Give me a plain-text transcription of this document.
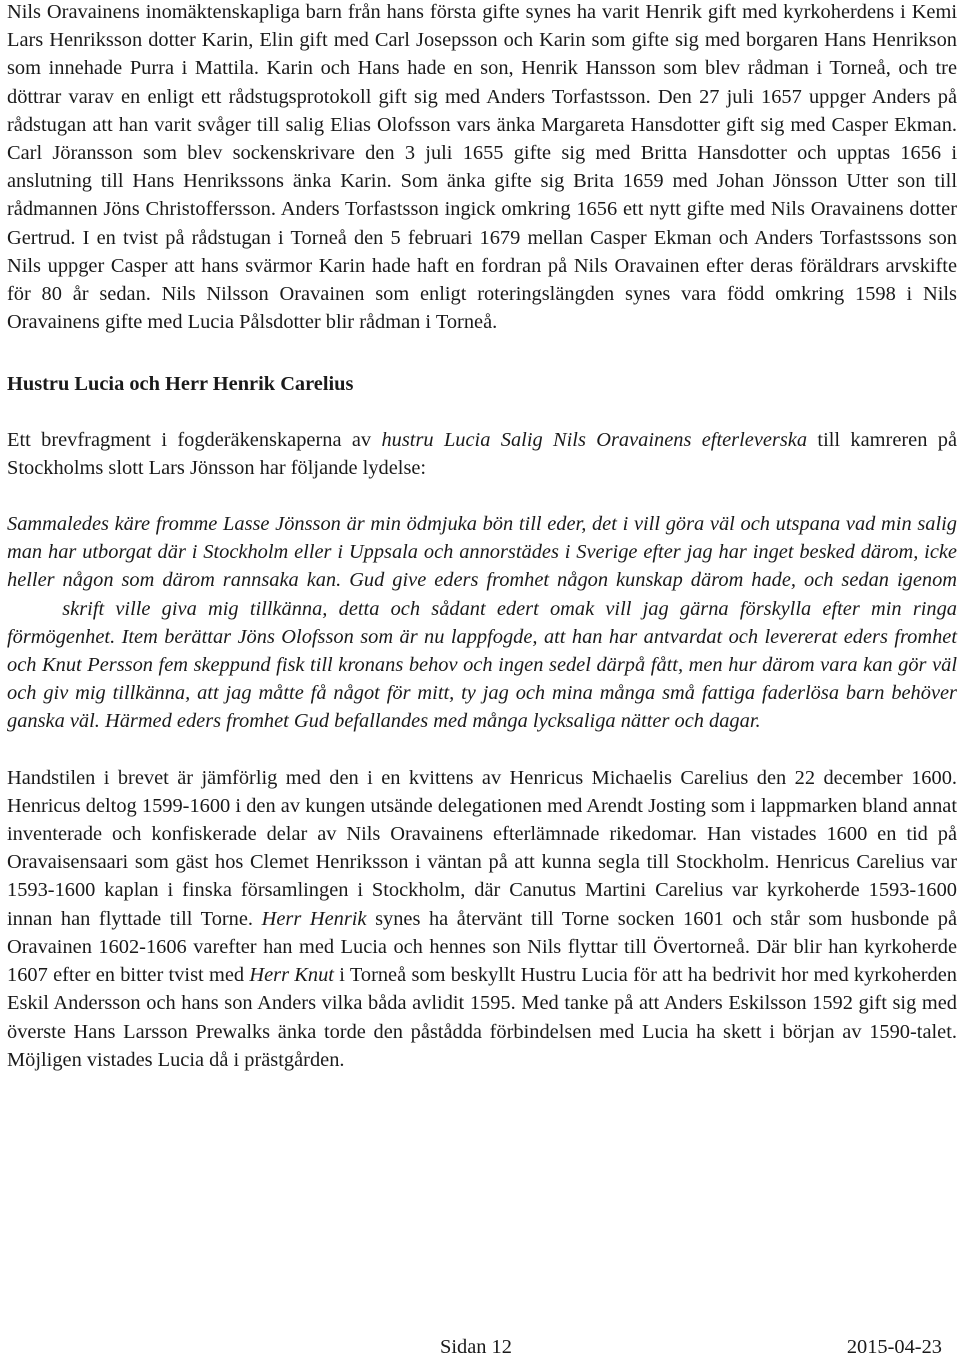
Nils Oravainens inomäktenskapliga barn från hans första gifte synes ha varit Henrik gift med kyrkoherdens i Kemi Lars Henriksson dotter Karin, Elin gift med Carl Josepsson och Karin som gifte sig med borgaren Hans Henrikson som innehade Purra i Mattila. Karin och Hans hade en son, Henrik Hansson som blev rådman i Torneå, och tre döttrar varav en enligt ett rådstugsprotokoll gift sig med Anders Torfastsson. Den 27 juli 1657 uppger Anders på rådstugan att han varit svåger till salig Elias Olofsson vars änka Margareta Hansdotter gift sig med Casper Ekman. Carl Jöransson som blev sockenskrivare den 3 juli 1655 gifte sig med Britta Hansdotter och upptas 1656 i anslutning till Hans Henrikssons änka Karin. Som änka gifte sig Brita 1659 med Johan Jönsson Utter son till rådmannen Jöns Christoffersson. Anders Torfastsson ingick omkring 1656 ett nytt gifte med Nils Oravainens dotter Gertrud. I en tvist på rådstugan i Torneå den 5 februari 1679 mellan Casper Ekman och Anders Torfastssons son Nils uppger Casper att hans svärmor Karin hade haft en fordran på Nils Oravainen efter deras föräldrars arvskifte för 80 år sedan. Nils Nilsson Oravainen som enligt roteringslängden synes vara född omkring 1598 i Nils Oravainens gifte med Lucia Pålsdotter blir rådman i Torneå.

Hustru Lucia och Herr Henrik Carelius

Ett brevfragment i fogderäkenskaperna av hustru Lucia Salig Nils Oravainens efterleverska till kamreren på Stockholms slott Lars Jönsson har följande lydelse:

Sammaledes käre fromme Lasse Jönsson är min ödmjuka bön till eder, det i vill göra väl och utspana vad min salig man har utborgat där i Stockholm eller i Uppsala och annorstädes i Sverige efter jag har inget besked därom, icke heller någon som därom rannsaka kan. Gud give eders fromhet någon kunskap därom hade, och sedan igenom  skrift ville giva mig tillkänna, detta och sådant edert omak vill jag gärna förskylla efter min ringa förmögenhet. Item berättar Jöns Olofsson som är nu lappfogde, att han har antvardat och levererat eders fromhet och Knut Persson fem skeppund fisk till kronans behov och ingen sedel därpå fått, men hur därom vara kan gör väl och giv mig tillkänna, att jag måtte få något för mitt, ty jag och mina många små fattiga faderlösa barn behöver ganska väl. Härmed eders fromhet Gud befallandes med många lycksaliga nätter och dagar.

Handstilen i brevet är jämförlig med den i en kvittens av Henricus Michaelis Carelius den 22 december 1600. Henricus deltog 1599-1600 i den av kungen utsände delegationen med Arendt Josting som i lappmarken bland annat inventerade och konfiskerade delar av Nils Oravainens efterlämnade rikedomar. Han vistades 1600 en tid på Oravaisensaari som gäst hos Clemet Henriksson i väntan på att kunna segla till Stockholm. Henricus Carelius var 1593-1600 kaplan i finska församlingen i Stockholm, där Canutus Martini Carelius var kyrkoherde 1593-1600 innan han flyttade till Torne. Herr Henrik synes ha återvänt till Torne socken 1601 och står som husbonde på Oravainen 1602-1606 varefter han med Lucia och hennes son Nils flyttar till Övertorneå. Där blir han kyrkoherde 1607 efter en bitter tvist med Herr Knut i Torneå som beskyllt Hustru Lucia för att ha bedrivit hor med kyrkoherden Eskil Andersson och hans son Anders vilka båda avlidit 1595. Med tanke på att Anders Eskilsson 1592 gift sig med överste Hans Larsson Prewalks änka torde den påstådda förbindelsen med Lucia ha skett i början av 1590-talet. Möjligen vistades Lucia då i prästgården.

Sidan 12	2015-04-23
